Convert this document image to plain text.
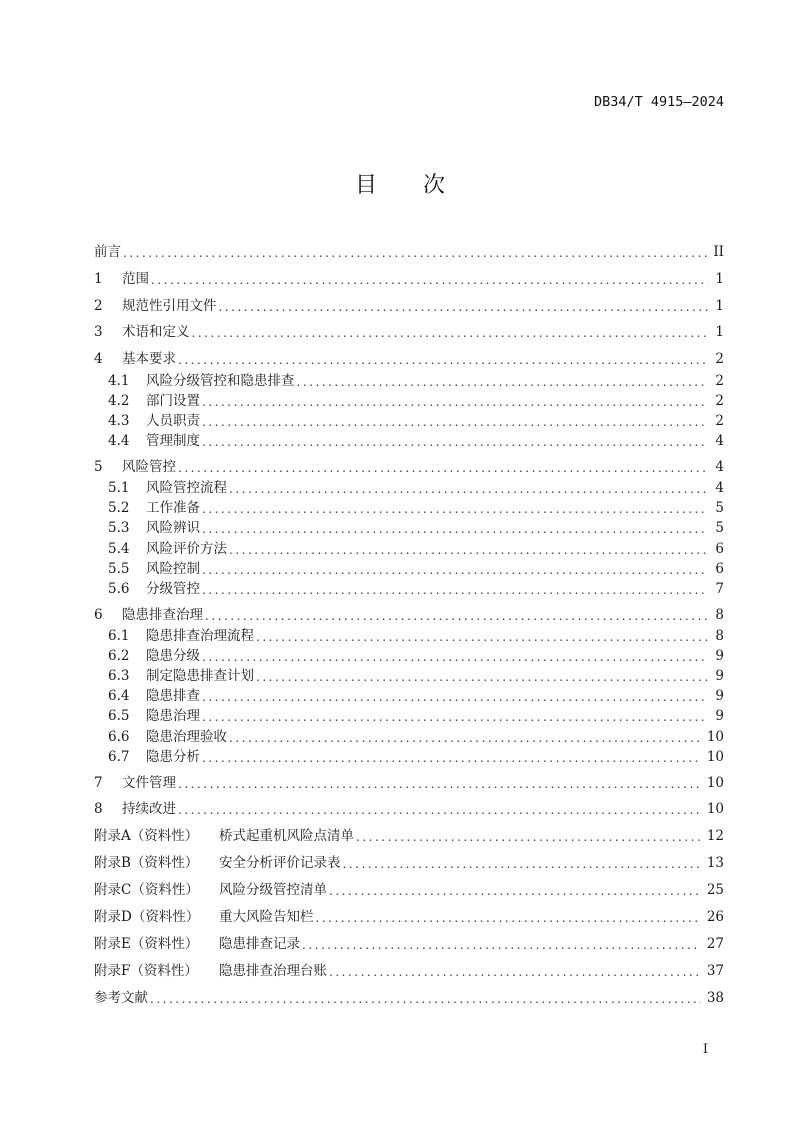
DB34/T 4915—2024
目 次
前言 .....	II
1 范围 .....	1
2 规范性引用文件 .....	1
3 术语和定义 .....	1
4 基本要求 .....	2
4.1 风险分级管控和隐患排查 .....	2
4.2 部门设置 .....	2
4.3 人员职责 .....	2
4.4 管理制度 .....	4
5 风险管控 .....	4
5.1 风险管控流程 .....	4
5.2 工作准备 .....	5
5.3 风险辨识 .....	5
5.4 风险评价方法 .....	6
5.5 风险控制 .....	6
5.6 分级管控 .....	7
6 隐患排查治理 .....	8
6.1 隐患排查治理流程 .....	8
6.2 隐患分级 .....	9
6.3 制定隐患排查计划 .....	9
6.4 隐患排查 .....	9
6.5 隐患治理 .....	9
6.6 隐患治理验收 .....	10
6.7 隐患分析 .....	10
7 文件管理 .....	10
8 持续改进 .....	10
附录A（资料性） 桥式起重机风险点清单 .....	12
附录B（资料性） 安全分析评价记录表 .....	13
附录C（资料性） 风险分级管控清单 .....	25
附录D（资料性） 重大风险告知栏 .....	26
附录E（资料性） 隐患排查记录 .....	27
附录F（资料性） 隐患排查治理台账 .....	37
参考文献 .....	38
I
